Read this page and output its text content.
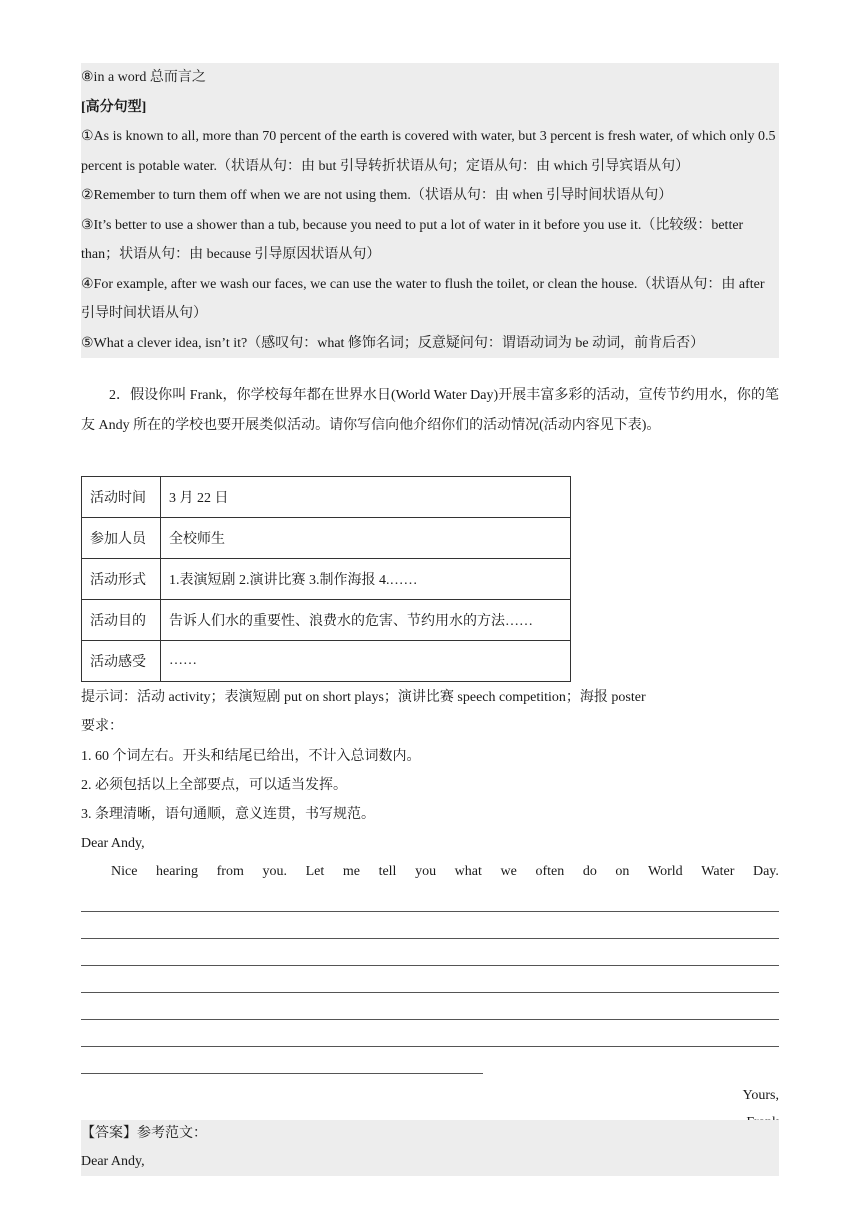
⑧in a word 总而言之
[高分句型]
①As is known to all, more than 70 percent of the earth is covered with water, but 3 percent is fresh water, of which only 0.5 percent is potable water.（状语从句：由 but 引导转折状语从句；定语从句：由 which 引导宾语从句）
②Remember to turn them off when we are not using them.（状语从句：由 when 引导时间状语从句）
③It’s better to use a shower than a tub, because you need to put a lot of water in it before you use it.（比较级：better than；状语从句：由 because 引导原因状语从句）
④For example, after we wash our faces, we can use the water to flush the toilet, or clean the house.（状语从句：由 after 引导时间状语从句）
⑤What a clever idea, isn’t it?（感叹句：what 修饰名词；反意疑问句：谓语动词为 be 动词，前肯后否）
2．假设你叫 Frank，你学校每年都在世界水日(World Water Day)开展丰富多彩的活动，宣传节约用水，你的笔友 Andy 所在的学校也要开展类似活动。请你写信向他介绍你们的活动情况(活动内容见下表)。
活动时间	3 月 22 日
参加人员	全校师生
活动形式	1.表演短剧 2.演讲比赛 3.制作海报 4.……
活动目的	告诉人们水的重要性、浪费水的危害、节约用水的方法……
活动感受	……
提示词：活动 activity；表演短剧 put on short plays；演讲比赛 speech competition；海报 poster
要求：
1. 60 个词左右。开头和结尾已给出，不计入总词数内。
2. 必须包括以上全部要点，可以适当发挥。
3. 条理清晰，语句通顺，意义连贯，书写规范。
Dear Andy,
Nice hearing from you. Let me tell you what we often do on World Water Day.
Yours,
【答案】参考范文：
Dear Andy,
